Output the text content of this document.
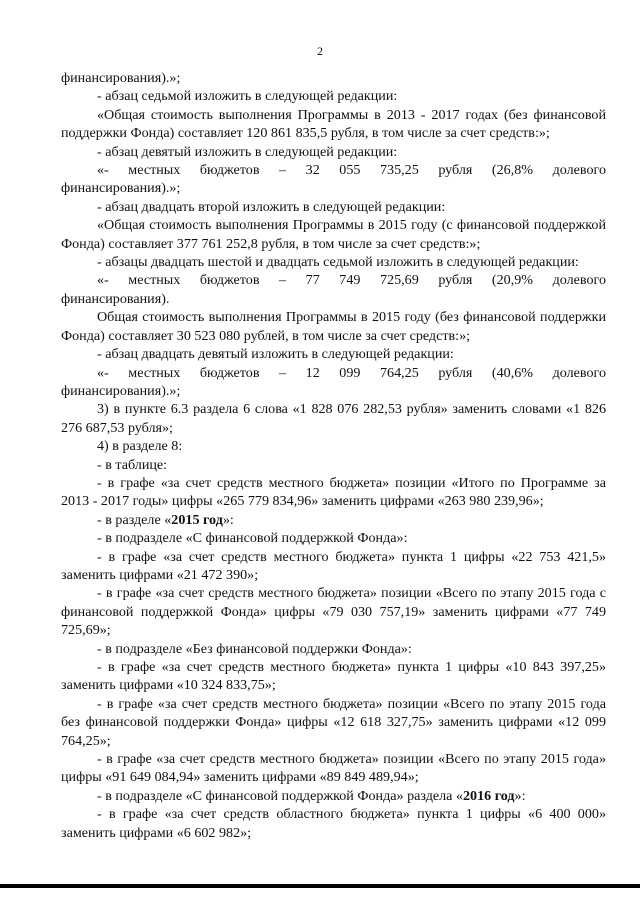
2

финансирования).»;

- абзац седьмой изложить в следующей редакции:

«Общая стоимость выполнения Программы в 2013 - 2017 годах (без финансовой поддержки Фонда) составляет 120 861 835,5 рубля, в том числе за счет средств:»;

- абзац девятый изложить в следующей редакции:

«- местных бюджетов – 32 055 735,25 рубля (26,8% долевого

финансирования).»;

- абзац двадцать второй изложить в следующей редакции:

«Общая стоимость выполнения Программы в 2015 году (с финансовой поддержкой Фонда) составляет 377 761 252,8 рубля, в том числе за счет средств:»;

- абзацы двадцать шестой и двадцать седьмой изложить в следующей редакции:

«- местных бюджетов – 77 749 725,69 рубля (20,9% долевого

финансирования).

Общая стоимость выполнения Программы в 2015 году (без финансовой поддержки Фонда) составляет 30 523 080 рублей, в том числе за счет средств:»;

- абзац двадцать девятый изложить в следующей редакции:

«- местных бюджетов – 12 099 764,25 рубля (40,6% долевого

финансирования).»;

3) в пункте 6.3 раздела 6 слова «1 828 076 282,53 рубля» заменить словами «1 826 276 687,53 рубля»;

4) в разделе 8:

- в таблице:

- в графе «за счет средств местного бюджета» позиции «Итого по Программе за 2013 - 2017 годы» цифры «265 779 834,96» заменить цифрами «263 980 239,96»;

- в разделе «2015 год»:

- в подразделе «С финансовой поддержкой Фонда»:

- в графе «за счет средств местного бюджета» пункта 1 цифры «22 753 421,5» заменить цифрами «21 472 390»;

- в графе «за счет средств местного бюджета» позиции «Всего по этапу 2015 года с финансовой поддержкой Фонда» цифры «79 030 757,19» заменить цифрами «77 749 725,69»;

- в подразделе «Без финансовой поддержки Фонда»:

- в графе «за счет средств местного бюджета» пункта 1 цифры «10 843 397,25» заменить цифрами «10 324 833,75»;

- в графе «за счет средств местного бюджета» позиции «Всего по этапу 2015 года без финансовой поддержки Фонда» цифры «12 618 327,75» заменить цифрами «12 099 764,25»;

- в графе «за счет средств местного бюджета» позиции «Всего по этапу 2015 года» цифры «91 649 084,94» заменить цифрами «89 849 489,94»;

- в подразделе «С финансовой поддержкой Фонда» раздела «2016 год»:

- в графе «за счет средств областного бюджета» пункта 1 цифры «6 400 000» заменить цифрами «6 602 982»;
